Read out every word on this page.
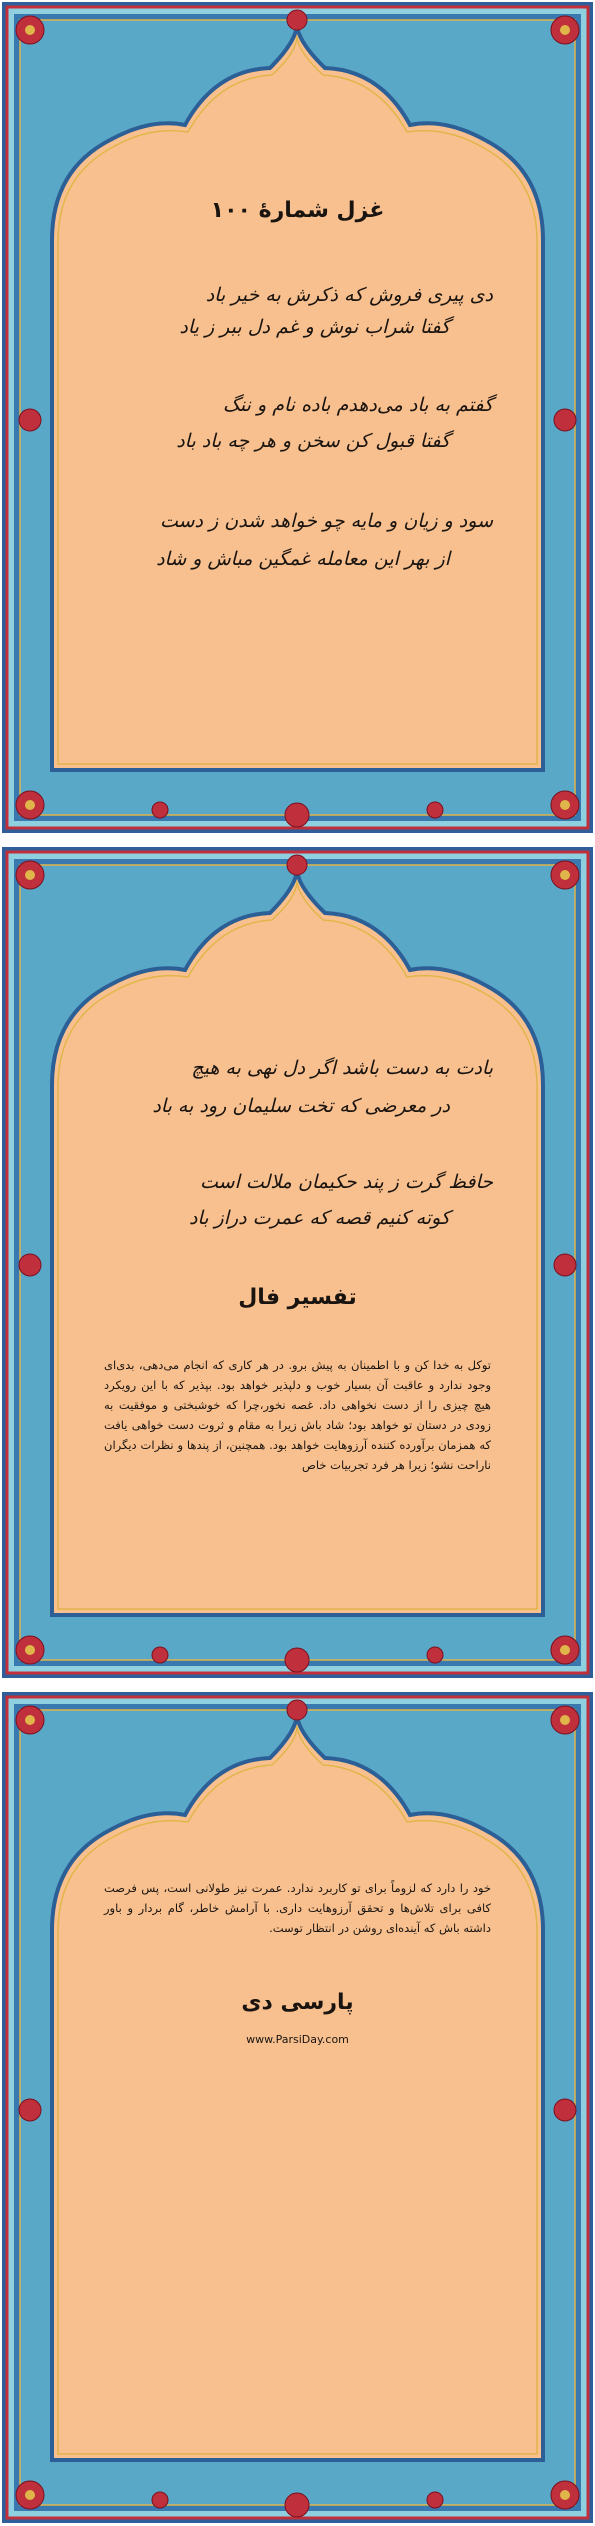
غزل شمارهٔ ۱۰۰
دی پیری فروش که ذکرش به خیر باد
گفتا شراب نوش و غم دل ببر ز یاد
گفتم به باد می‌دهدم باده نام و ننگ
گفتا قبول کن سخن و هر چه باد باد
سود و زیان و مایه چو خواهد شدن ز دست
از بهر این معامله غمگین مباش و شاد
بادت به دست باشد اگر دل نهی به هیچ
در معرضی که تخت سلیمان رود به باد
حافظ گرت ز پند حکیمان ملالت است
کوته کنیم قصه که عمرت دراز باد
تفسیر فال
توکل به خدا کن و با اطمینان به پیش برو. در هر کاری که انجام می‌دهی، بدی‌ای وجود ندارد و عاقبت آن بسیار خوب و دلپذیر خواهد بود. بپذیر که با این رویکرد هیچ چیزی را از دست نخواهی داد. غصه نخور،چرا که خوشبختی و موفقیت به زودی در دستان تو خواهد بود؛ شاد باش زیرا به مقام و ثروت دست خواهی یافت که همزمان برآورده کننده آرزوهایت خواهد بود. همچنین، از پندها و نظرات دیگران ناراحت نشو؛ زیرا هر فرد تجربیات خاص
خود را دارد که لزوماً برای تو کاربرد ندارد. عمرت نیز طولانی است، پس فرصت کافی برای تلاش‌ها و تحقق آرزوهایت داری. با آرامش خاطر، گام بردار و باور داشته باش که آینده‌ای روشن در انتظار توست.
پارسی دی
www.ParsiDay.com
